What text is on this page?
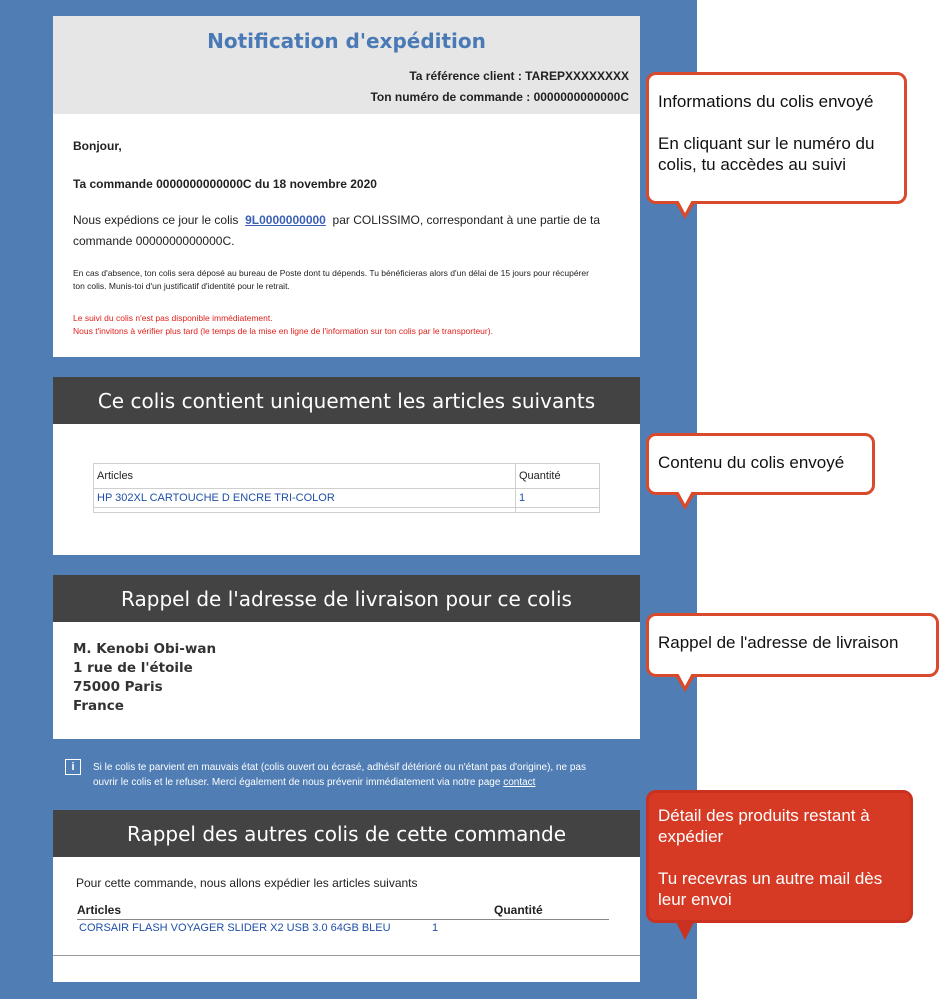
Notification d'expédition
Ta référence client : TAREPXXXXXXXX
Ton numéro de commande : 0000000000000C
Bonjour,
Ta commande 0000000000000C du 18 novembre 2020
Nous expédions ce jour le colis 9L0000000000 par COLISSIMO, correspondant à une partie de ta
commande 0000000000000C.
En cas d'absence, ton colis sera déposé au bureau de Poste dont tu dépends. Tu bénéficieras alors d'un délai de 15 jours pour récupérer
ton colis. Munis-toi d'un justificatif d'identité pour le retrait.
Le suivi du colis n'est pas disponible immédiatement.
Nous t'invitons à vérifier plus tard (le temps de la mise en ligne de l'information sur ton colis par le transporteur).
Ce colis contient uniquement les articles suivants
Articles	Quantité
HP 302XL CARTOUCHE D ENCRE TRI-COLOR	1

Rappel de l'adresse de livraison pour ce colis
M. Kenobi Obi-wan
1 rue de l'étoile
75000 Paris
France
i	Si le colis te parvient en mauvais état (colis ouvert ou écrasé, adhésif détérioré ou n'étant pas d'origine), ne pas
ouvrir le colis et le refuser. Merci également de nous prévenir immédiatement via notre page contact
Rappel des autres colis de cette commande
Pour cette commande, nous allons expédier les articles suivants
Articles	Quantité
CORSAIR FLASH VOYAGER SLIDER X2 USB 3.0 64GB BLEU	1
Informations du colis envoyé
En cliquant sur le numéro du colis, tu accèdes au suivi
Contenu du colis envoyé
Rappel de l'adresse de livraison
Détail des produits restant à expédier
Tu recevras un autre mail dès leur envoi
